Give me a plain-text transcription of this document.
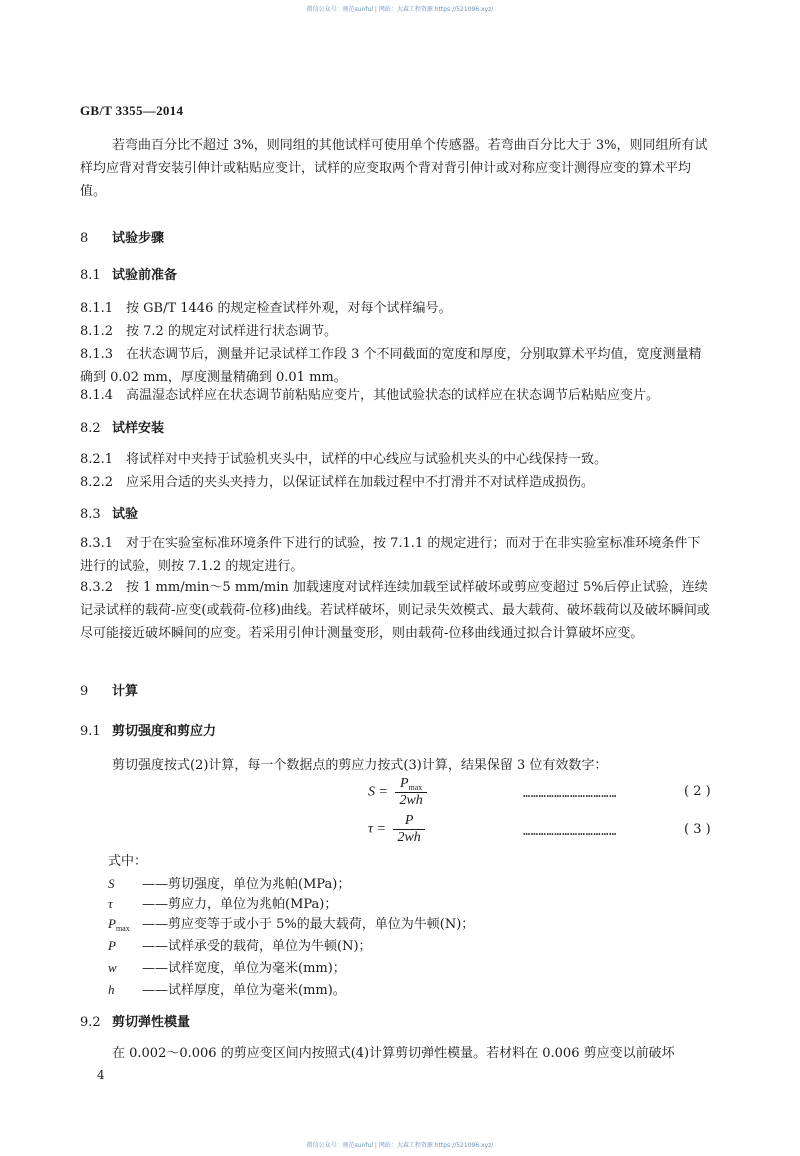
微信公众号：规范sunful | 网站：大森工程资源 https://521096.xyz/
GB/T 3355—2014
若弯曲百分比不超过 3%，则同组的其他试样可使用单个传感器。若弯曲百分比大于 3%，则同组所有试样均应背对背安装引伸计或粘贴应变计，试样的应变取两个背对背引伸计或对称应变计测得应变的算术平均值。
8 试验步骤
8.1 试验前准备
8.1.1 按 GB/T 1446 的规定检查试样外观，对每个试样编号。
8.1.2 按 7.2 的规定对试样进行状态调节。
8.1.3 在状态调节后，测量并记录试样工作段 3 个不同截面的宽度和厚度，分别取算术平均值，宽度测量精确到 0.02 mm，厚度测量精确到 0.01 mm。
8.1.4 高温湿态试样应在状态调节前粘贴应变片，其他试验状态的试样应在状态调节后粘贴应变片。
8.2 试样安装
8.2.1 将试样对中夹持于试验机夹头中，试样的中心线应与试验机夹头的中心线保持一致。
8.2.2 应采用合适的夹头夹持力，以保证试样在加载过程中不打滑并不对试样造成损伤。
8.3 试验
8.3.1 对于在实验室标准环境条件下进行的试验，按 7.1.1 的规定进行；而对于在非实验室标准环境条件下进行的试验，则按 7.1.2 的规定进行。
8.3.2 按 1 mm/min～5 mm/min 加载速度对试样连续加载至试样破坏或剪应变超过 5%后停止试验，连续记录试样的载荷-应变(或载荷-位移)曲线。若试样破坏，则记录失效模式、最大载荷、破坏载荷以及破坏瞬间或尽可能接近破坏瞬间的应变。若采用引伸计测量变形，则由载荷-位移曲线通过拟合计算破坏应变。
9 计算
9.1 剪切强度和剪应力
剪切强度按式(2)计算，每一个数据点的剪应力按式(3)计算，结果保留 3 位有效数字：
$S = \frac{P_{max}}{2wh}$	………………………………	( 2 )
$\tau = \frac{P}{2wh}$	………………………………	( 3 )
式中：
S ——剪切强度，单位为兆帕(MPa)；
τ ——剪应力，单位为兆帕(MPa)；
$P_{max}$ ——剪应变等于或小于 5%的最大载荷，单位为牛顿(N)；
P ——试样承受的载荷，单位为牛顿(N)；
w ——试样宽度，单位为毫米(mm)；
h ——试样厚度，单位为毫米(mm)。
9.2 剪切弹性模量
在 0.002～0.006 的剪应变区间内按照式(4)计算剪切弹性模量。若材料在 0.006 剪应变以前破坏
4
微信公众号：规范sunful | 网站：大森工程资源 https://521096.xyz/
